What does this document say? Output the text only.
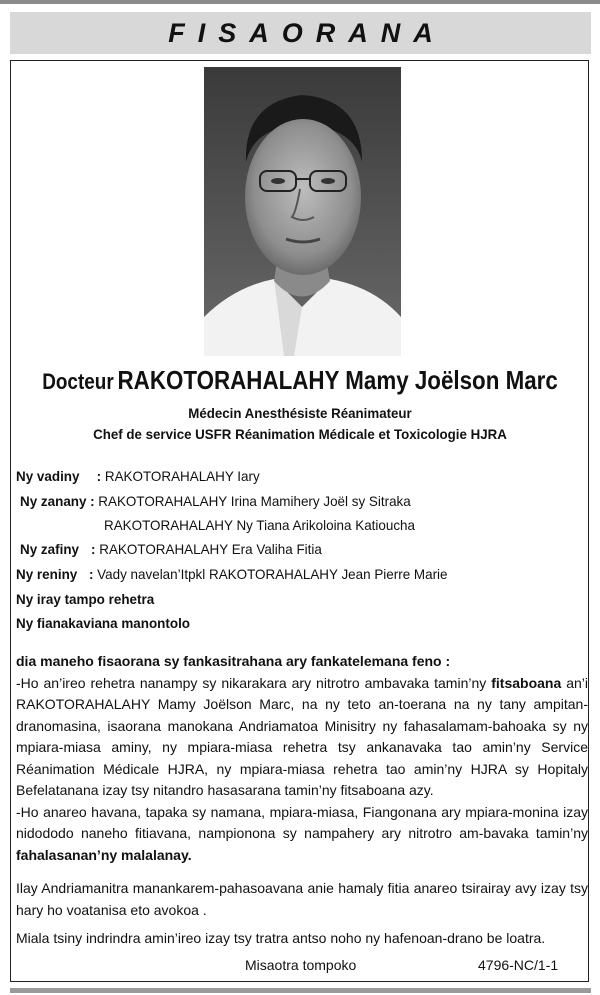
FISAORANA
Docteur RAKOTORAHALAHY Mamy Joëlson Marc
Médecin Anesthésiste Réanimateur
Chef de service USFR Réanimation Médicale et Toxicologie HJRA
Ny vadiny : RAKOTORAHALAHY Iary
Ny zanany : RAKOTORAHALAHY Irina Mamihery Joël sy Sitraka
RAKOTORAHALAHY Ny Tiana Arikoloina Katioucha
Ny zafiny : RAKOTORAHALAHY Era Valiha Fitia
Ny reniny : Vady navelan’Itpkl RAKOTORAHALAHY Jean Pierre Marie
Ny iray tampo rehetra
Ny fianakaviana manontolo
dia maneho fisaorana sy fankasitrahana ary fankatelemana feno :
-Ho an’ireo rehetra nanampy sy nikarakara ary nitrotro ambavaka tamin’ny fitsaboana an’i RAKOTORAHALAHY Mamy Joëlson Marc, na ny teto an-toerana na ny tany ampitan-dranomasina, isaorana manokana Andriamatoa Minisitry ny fahasalamam-bahoaka sy ny mpiara-miasa aminy, ny mpiara-miasa rehetra tsy ankanavaka tao amin’ny Service Réanimation Médicale HJRA, ny mpiara-miasa rehetra tao amin’ny HJRA sy Hopitaly Befelatanana izay tsy nitandro hasasarana tamin’ny fitsaboana azy.
-Ho anareo havana, tapaka sy namana, mpiara-miasa, Fiangonana ary mpiara-monina izay nidododo naneho fitiavana, nampionona sy nampahery ary nitrotro am-bavaka tamin’ny fahalasanan’ny malalanay.
Ilay Andriamanitra manankarem-pahasoavana anie hamaly fitia anareo tsirairay avy izay tsy hary ho voatanisa eto avokoa .
Miala tsiny indrindra amin’ireo izay tsy tratra antso noho ny hafenoan-drano be loatra.
Misaotra tompoko	4796-NC/1-1
